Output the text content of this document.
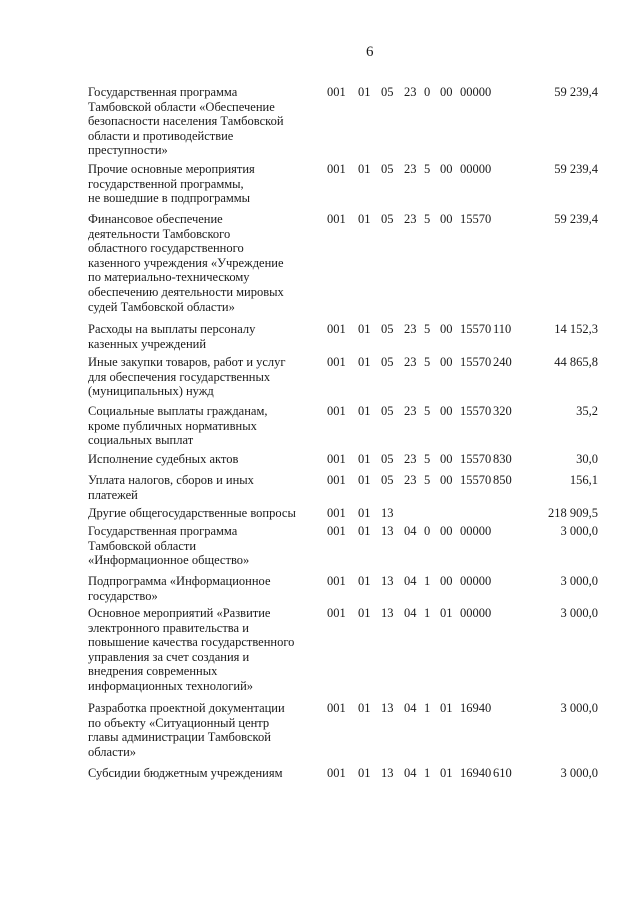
6
Государственная программа
Тамбовской области «Обеспечение
безопасности населения Тамбовской
области и противодействие
преступности»
001 01 05 23 0 00 00000	59 239,4
Прочие основные мероприятия
государственной программы,
не вошедшие в подпрограммы
001 01 05 23 5 00 00000	59 239,4
Финансовое обеспечение
деятельности Тамбовского
областного государственного
казенного учреждения «Учреждение
по материально-техническому
обеспечению деятельности мировых
судей Тамбовской области»
001 01 05 23 5 00 15570	59 239,4
Расходы на выплаты персоналу
казенных учреждений
001 01 05 23 5 00 15570 110	14 152,3
Иные закупки товаров, работ и услуг
для обеспечения государственных
(муниципальных) нужд
001 01 05 23 5 00 15570 240	44 865,8
Социальные выплаты гражданам,
кроме публичных нормативных
социальных выплат
001 01 05 23 5 00 15570 320	35,2
Исполнение судебных актов	001 01 05 23 5 00 15570 830	30,0
Уплата налогов, сборов и иных
платежей
001 01 05 23 5 00 15570 850	156,1
Другие общегосударственные вопросы	001 01 13	218 909,5
Государственная программа
Тамбовской области
«Информационное общество»
001 01 13 04 0 00 00000	3 000,0
Подпрограмма «Информационное
государство»
001 01 13 04 1 00 00000	3 000,0
Основное мероприятий «Развитие
электронного правительства и
повышение качества государственного
управления за счет создания и
внедрения современных
информационных технологий»
001 01 13 04 1 01 00000	3 000,0
Разработка проектной документации
по объекту «Ситуационный центр
главы администрации Тамбовской
области»
001 01 13 04 1 01 16940	3 000,0
Субсидии бюджетным учреждениям	001 01 13 04 1 01 16940 610	3 000,0
